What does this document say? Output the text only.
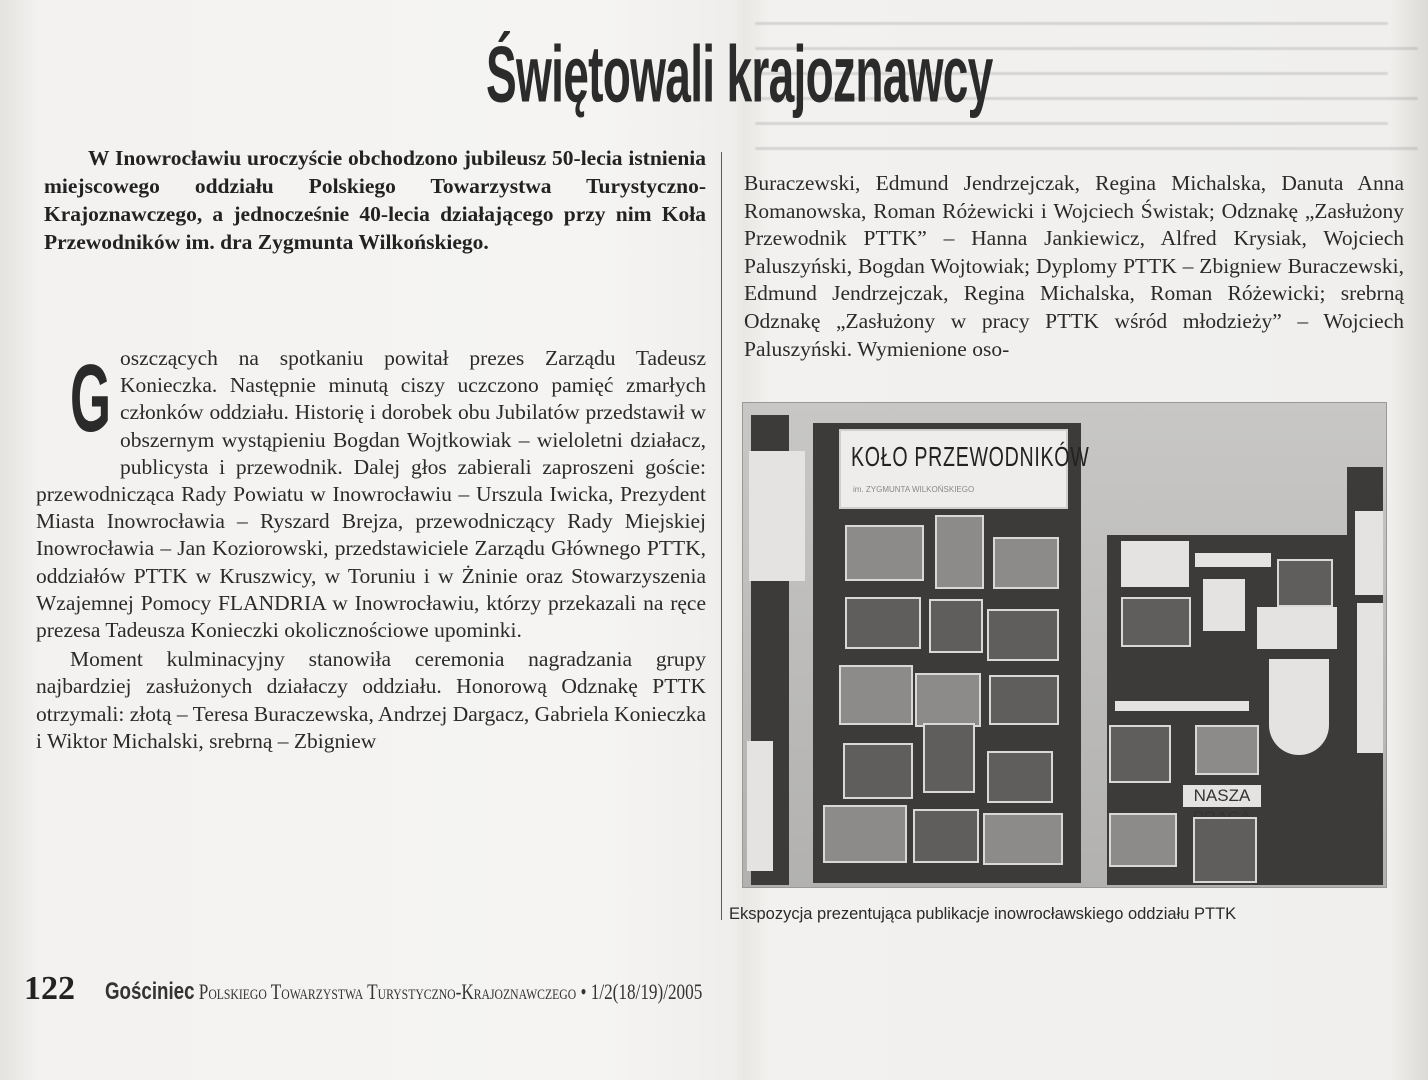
Świętowali krajoznawcy
W Inowrocławiu uroczyście obchodzono jubileusz 50-lecia istnienia miejscowego oddziału Polskiego Towarzystwa Turystyczno-Krajoznawczego, a jednocześnie 40-lecia działającego przy nim Koła Przewodników im. dra Zygmunta Wilkońskiego.
G oszczących na spotkaniu powitał prezes Zarządu Tadeusz Konieczka. Następnie minutą ciszy uczczono pamięć zmarłych członków oddziału. Historię i dorobek obu Jubilatów przedstawił w obszernym wystąpieniu Bogdan Wojtkowiak – wieloletni działacz, publicysta i przewodnik. Dalej głos zabierali zaproszeni goście: przewodnicząca Rady Powiatu w Inowrocławiu – Urszula Iwicka, Prezydent Miasta Inowrocławia – Ryszard Brejza, przewodniczący Rady Miejskiej Inowrocławia – Jan Koziorowski, przedstawiciele Zarządu Głównego PTTK, oddziałów PTTK w Kruszwicy, w Toruniu i w Żninie oraz Stowarzyszenia Wzajemnej Pomocy FLANDRIA w Inowrocławiu, którzy przekazali na ręce prezesa Tadeusza Konieczki okolicznościowe upominki.

Moment kulminacyjny stanowiła ceremonia nagradzania grupy najbardziej zasłużonych działaczy oddziału. Honorową Odznakę PTTK otrzymali: złotą – Teresa Buraczewska, Andrzej Dargacz, Gabriela Konieczka i Wiktor Michalski, srebrną – Zbigniew

Buraczewski, Edmund Jendrzejczak, Regina Michalska, Danuta Anna Romanowska, Roman Różewicki i Wojciech Świstak; Odznakę „Zasłużony Przewodnik PTTK” – Hanna Jankiewicz, Alfred Krysiak, Wojciech Paluszyński, Bogdan Wojtowiak; Dyplomy PTTK – Zbigniew Buraczewski, Edmund Jendrzejczak, Regina Michalska, Roman Różewicki; srebrną Odznakę „Zasłużony w pracy PTTK wśród młodzieży” – Wojciech Paluszyński. Wymienione oso-

KOŁO PRZEWODNIKÓW
im. ZYGMUNTA WILKOŃSKIEGO
NASZA
Ekspozycja prezentująca publikacje inowrocławskiego oddziału PTTK
122 Gościniec Polskiego Towarzystwa Turystyczno-Krajoznawczego • 1/2(18/19)/2005
